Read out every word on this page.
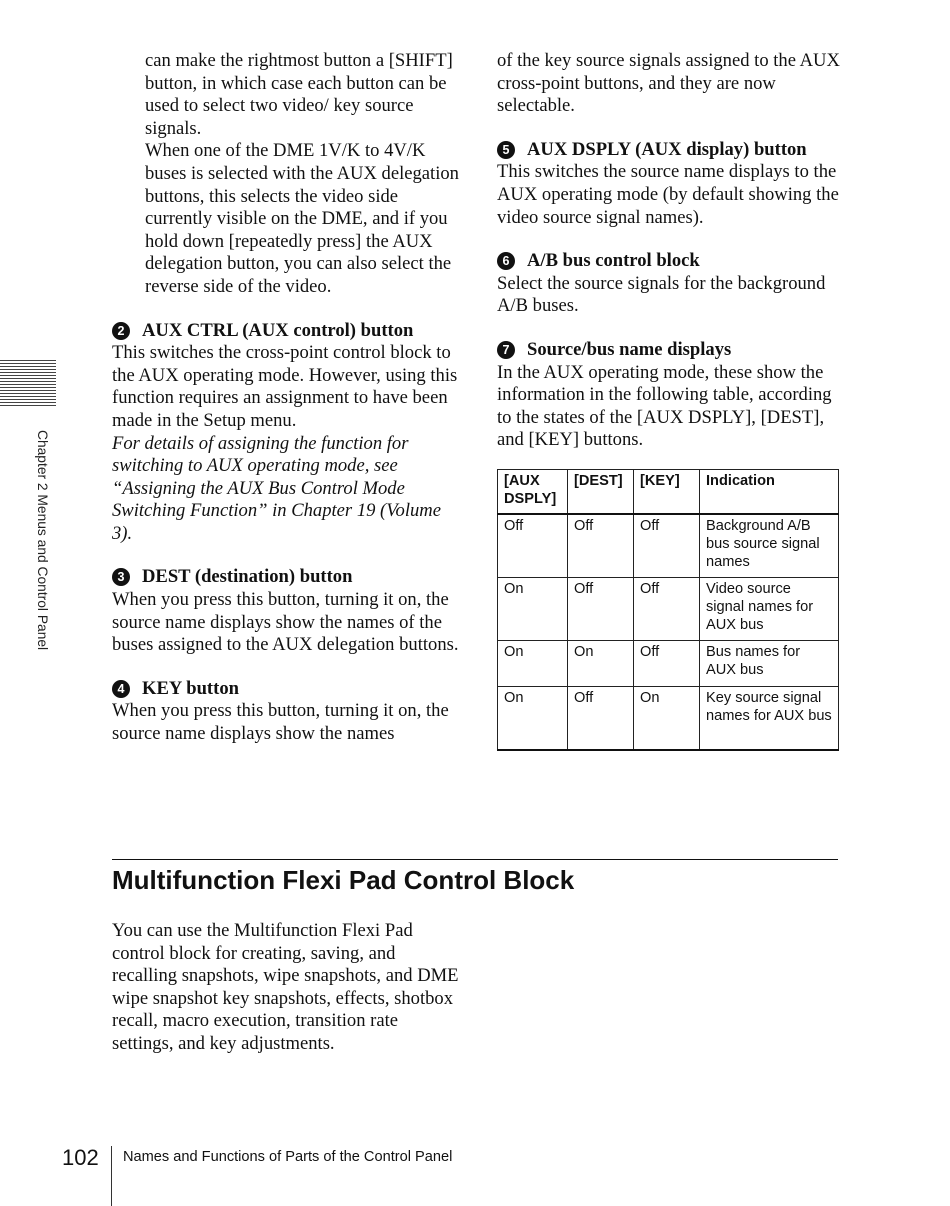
Chapter 2 Menus and Control Panel

can make the rightmost button a [SHIFT] button, in which case each button can be used to select two video/ key source signals.

When one of the DME 1V/K to 4V/K buses is selected with the AUX delegation buttons, this selects the video side currently visible on the DME, and if you hold down [repeatedly press] the AUX delegation button, you can also select the reverse side of the video.

2 AUX CTRL (AUX control) button

This switches the cross-point control block to the AUX operating mode. However, using this function requires an assignment to have been made in the Setup menu.

For details of assigning the function for switching to AUX operating mode, see “Assigning the AUX Bus Control Mode Switching Function” in Chapter 19 (Volume 3).

3 DEST (destination) button

When you press this button, turning it on, the source name displays show the names of the buses assigned to the AUX delegation buttons.

4 KEY button

When you press this button, turning it on, the source name displays show the names

of the key source signals assigned to the AUX cross-point buttons, and they are now selectable.

5 AUX DSPLY (AUX display) button

This switches the source name displays to the AUX operating mode (by default showing the video source signal names).

6 A/B bus control block

Select the source signals for the background A/B buses.

7 Source/bus name displays

In the AUX operating mode, these show the information in the following table, according to the states of the [AUX DSPLY], [DEST], and [KEY] buttons.

[AUX DSPLY]	[DEST]	[KEY]	Indication
Off	Off	Off	Background A/B bus source signal names
On	Off	Off	Video source signal names for AUX bus
On	On	Off	Bus names for AUX bus
On	Off	On	Key source signal names for AUX bus
Multifunction Flexi Pad Control Block

You can use the Multifunction Flexi Pad control block for creating, saving, and recalling snapshots, wipe snapshots, and DME wipe snapshot key snapshots, effects, shotbox recall, macro execution, transition rate settings, and key adjustments.

102 Names and Functions of Parts of the Control Panel
